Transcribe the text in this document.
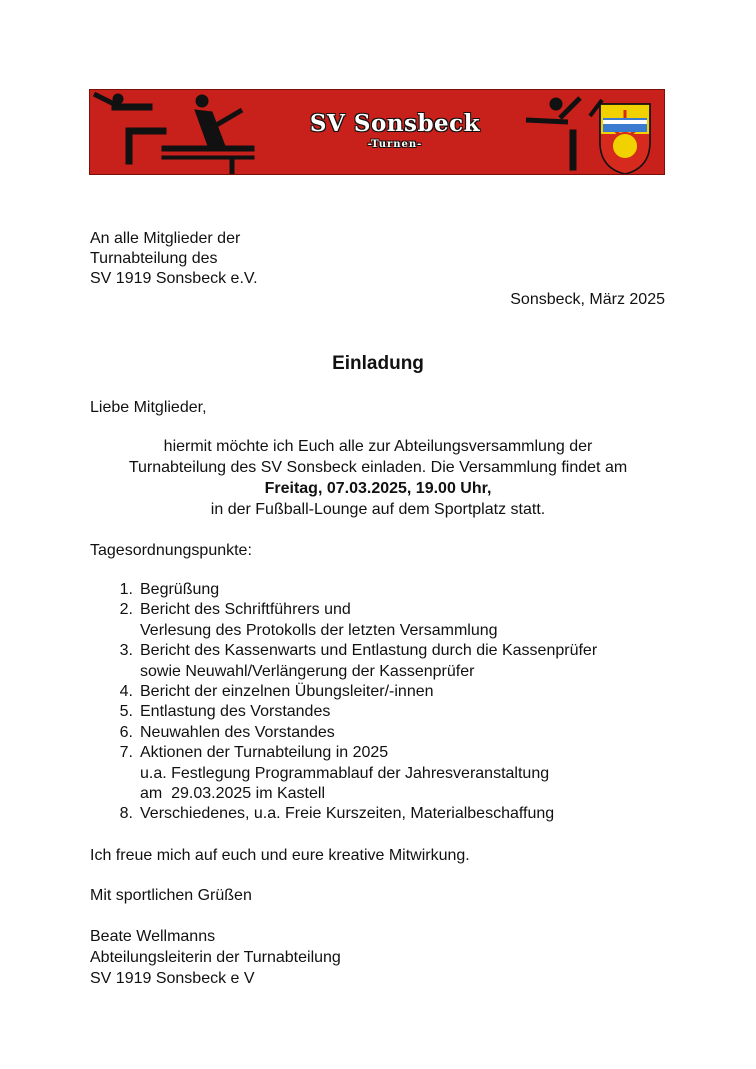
SV Sonsbeck
-Turnen-
An alle Mitglieder der
Turnabteilung des
SV 1919 Sonsbeck e.V.
Sonsbeck, März 2025
Einladung
Liebe Mitglieder,
hiermit möchte ich Euch alle zur Abteilungsversammlung der
Turnabteilung des SV Sonsbeck einladen. Die Versammlung findet am
Freitag, 07.03.2025, 19.00 Uhr,
in der Fußball-Lounge auf dem Sportplatz statt.
Tagesordnungspunkte:
1. Begrüßung
2. Bericht des Schriftführers und
Verlesung des Protokolls der letzten Versammlung
3. Bericht des Kassenwarts und Entlastung durch die Kassenprüfer
sowie Neuwahl/Verlängerung der Kassenprüfer
4. Bericht der einzelnen Übungsleiter/-innen
5. Entlastung des Vorstandes
6. Neuwahlen des Vorstandes
7. Aktionen der Turnabteilung in 2025
u.a. Festlegung Programmablauf der Jahresveranstaltung
am  29.03.2025 im Kastell
8. Verschiedenes, u.a. Freie Kurszeiten, Materialbeschaffung
Ich freue mich auf euch und eure kreative Mitwirkung.
Mit sportlichen Grüßen
Beate Wellmanns
Abteilungsleiterin der Turnabteilung
SV 1919 Sonsbeck e V
